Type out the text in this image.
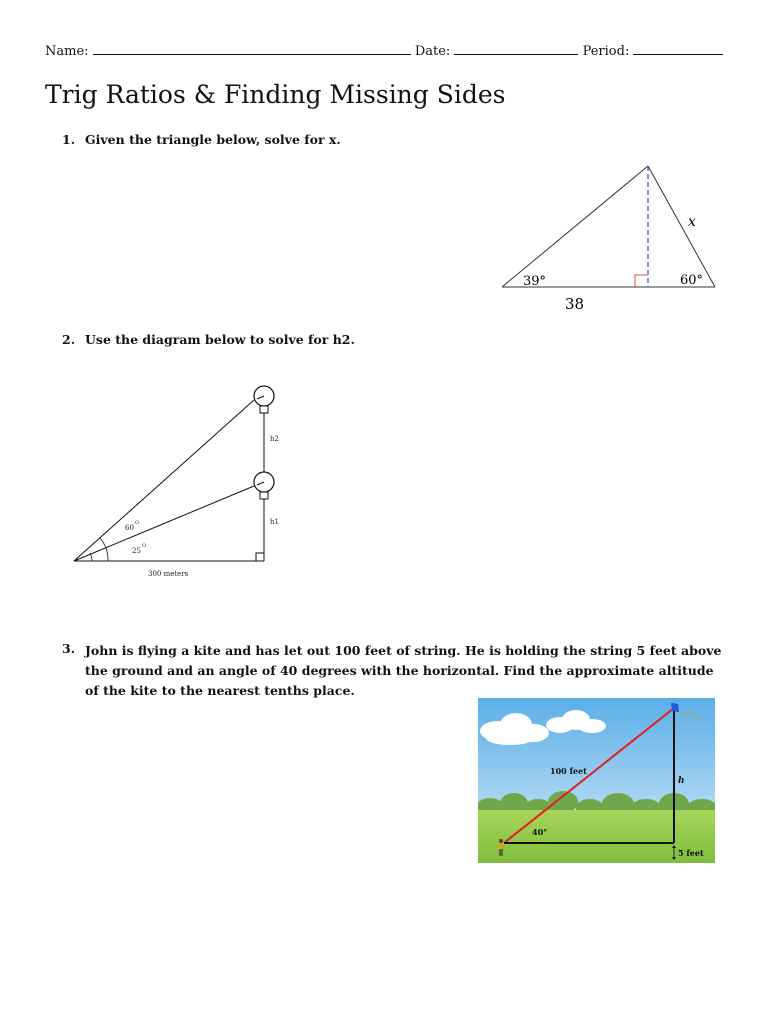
Name:	Date:	Period:
Trig Ratios & Finding Missing Sides
1. Given the triangle below, solve for x.
39°	60°
38
x
2. Use the diagram below to solve for h2.
h2
h1
60
O
25
O
300 meters
3. John is flying a kite and has let out 100 feet of string. He is holding the string 5 feet above the ground and an angle of 40 degrees with the horizontal. Find the approximate altitude of the kite to the nearest tenths place.
100 feet
h
40°
5 feet
